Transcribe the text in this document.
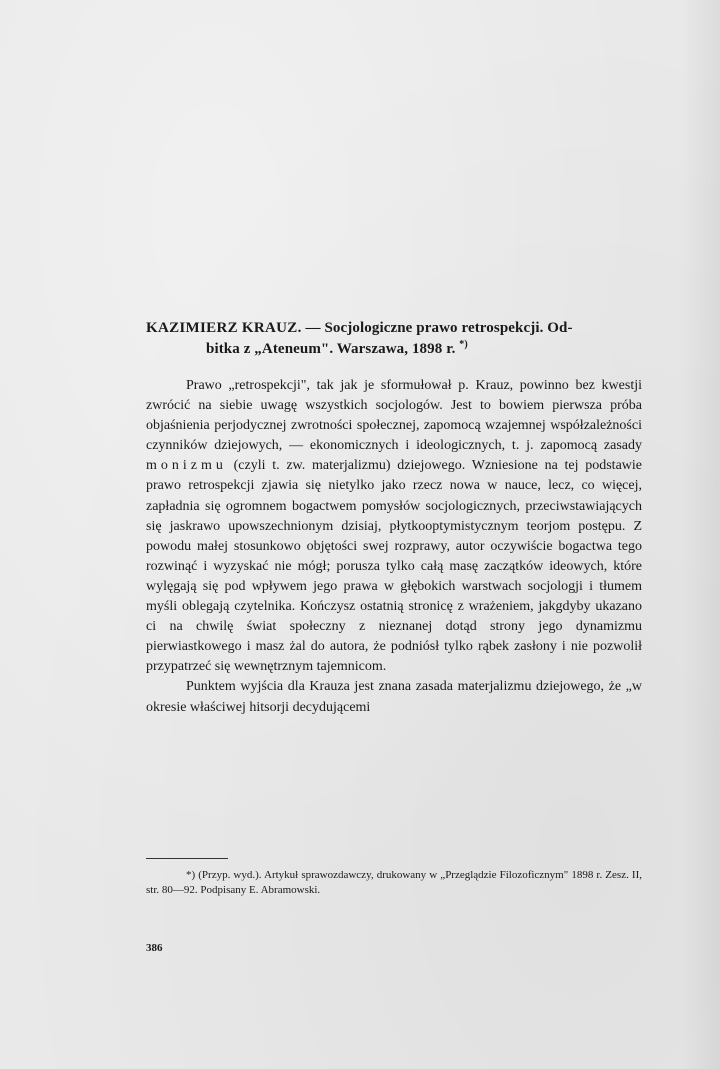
KAZIMIERZ KRAUZ. — Socjologiczne prawo retrospekcji. Od-
bitka z „Ateneum". Warszawa, 1898 r. *)

Prawo „retrospekcji", tak jak je sformułował p. Krauz, powinno bez kwestji zwrócić na siebie uwagę wszystkich socjologów. Jest to bowiem pierwsza próba objaśnienia perjodycznej zwrotności społecznej, zapomocą wzajemnej współzależności czynników dziejowych, — ekonomicznych i ideologicznych, t. j. zapomocą zasady monizmu (czyli t. zw. materjalizmu) dziejowego. Wzniesione na tej podstawie prawo retrospekcji zjawia się nietylko jako rzecz nowa w nauce, lecz, co więcej, zapładnia się ogromnem bogactwem pomysłów socjologicznych, przeciwstawiających się jaskrawo upowszechnionym dzisiaj, płytkooptymistycznym teorjom postępu. Z powodu małej stosunkowo objętości swej rozprawy, autor oczywiście bogactwa tego rozwinąć i wyzyskać nie mógł; porusza tylko całą masę zaczątków ideowych, które wylęgają się pod wpływem jego prawa w głębokich warstwach socjologji i tłumem myśli oblegają czytelnika. Kończysz ostatnią stronicę z wrażeniem, jakgdyby ukazano ci na chwilę świat społeczny z nieznanej dotąd strony jego dynamizmu pierwiastkowego i masz żal do autora, że podniósł tylko rąbek zasłony i nie pozwolił przypatrzeć się wewnętrznym tajemnicom.

Punktem wyjścia dla Krauza jest znana zasada materjalizmu dziejowego, że „w okresie właściwej hitsorji decydującemi

*) (Przyp. wyd.). Artykuł sprawozdawczy, drukowany w „Przeglądzie Filozoficznym" 1898 r. Zesz. II, str. 80—92. Podpisany E. Abramowski.

386
